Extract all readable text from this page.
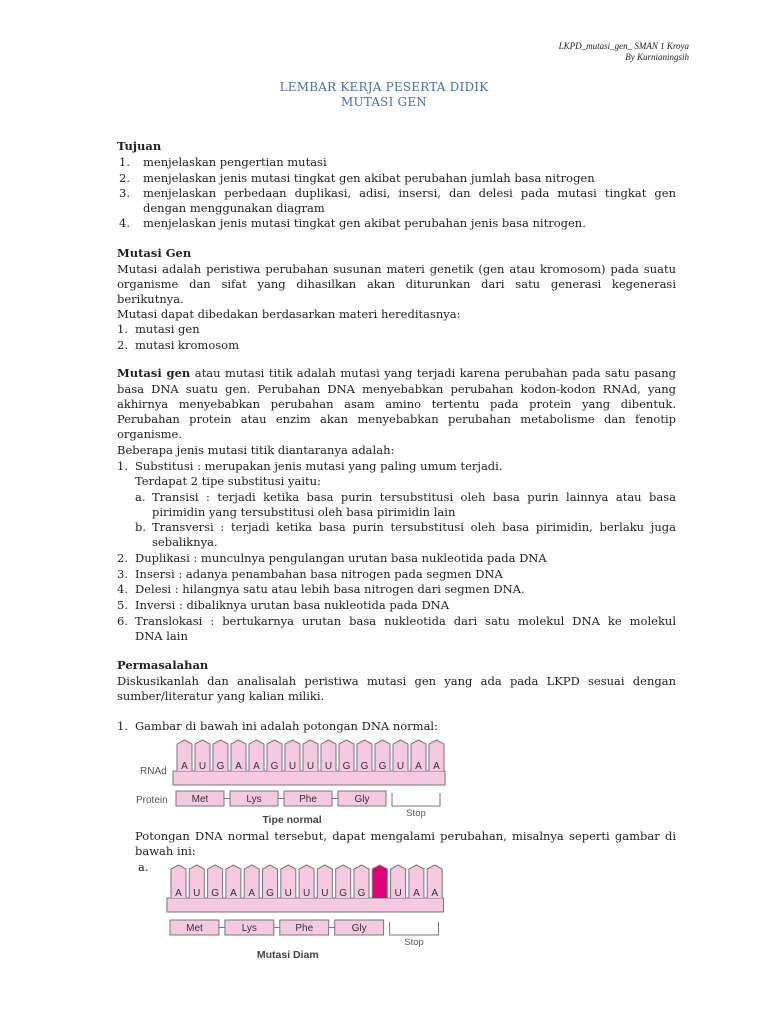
LKPD_mutasi_gen_ SMAN 1 Kroya
By Kurnianingsih
LEMBAR KERJA PESERTA DIDIK
MUTASI GEN
Tujuan
1. menjelaskan pengertian mutasi
2. menjelaskan jenis mutasi tingkat gen akibat perubahan jumlah basa nitrogen
3. menjelaskan perbedaan duplikasi, adisi, insersi, dan delesi pada mutasi tingkat gen
dengan menggunakan diagram
4. menjelaskan jenis mutasi tingkat gen akibat perubahan jenis basa nitrogen.
Mutasi Gen
Mutasi adalah peristiwa perubahan susunan materi genetik (gen atau kromosom) pada suatu
organisme dan sifat yang dihasilkan akan diturunkan dari satu generasi kegenerasi
berikutnya.
Mutasi dapat dibedakan berdasarkan materi hereditasnya:
1. mutasi gen
2. mutasi kromosom
Mutasi gen atau mutasi titik adalah mutasi yang terjadi karena perubahan pada satu pasang
basa DNA suatu gen. Perubahan DNA menyebabkan perubahan kodon-kodon RNAd, yang
akhirnya menyebabkan perubahan asam amino tertentu pada protein yang dibentuk.
Perubahan protein atau enzim akan menyebabkan perubahan metabolisme dan fenotip
organisme.
Beberapa jenis mutasi titik diantaranya adalah:
1. Substitusi : merupakan jenis mutasi yang paling umum terjadi.
Terdapat 2 tipe substitusi yaitu:
a. Transisi : terjadi ketika basa purin tersubstitusi oleh basa purin lainnya atau basa
pirimidin yang tersubstitusi oleh basa pirimidin lain
b. Transversi : terjadi ketika basa purin tersubstitusi oleh basa pirimidin, berlaku juga
sebaliknya.
2. Duplikasi : munculnya pengulangan urutan basa nukleotida pada DNA
3. Insersi : adanya penambahan basa nitrogen pada segmen DNA
4. Delesi : hilangnya satu atau lebih basa nitrogen dari segmen DNA.
5. Inversi : dibaliknya urutan basa nukleotida pada DNA
6. Translokasi : bertukarnya urutan basa nukleotida dari satu molekul DNA ke molekul
DNA lain
Permasalahan
Diskusikanlah dan analisalah peristiwa mutasi gen yang ada pada LKPD sesuai dengan
sumber/literatur yang kalian miliki.
1. Gambar di bawah ini adalah potongan DNA normal:
RNAd
Protein
A U G A A G U U U G G G U A A
Met	Lys	Phe	Gly
Stop
Tipe normal
Potongan DNA normal tersebut, dapat mengalami perubahan, misalnya seperti gambar di
bawah ini:
a.
A U G A A G U U U G G	U A A
Met	Lys	Phe	Gly
Stop
Mutasi Diam
